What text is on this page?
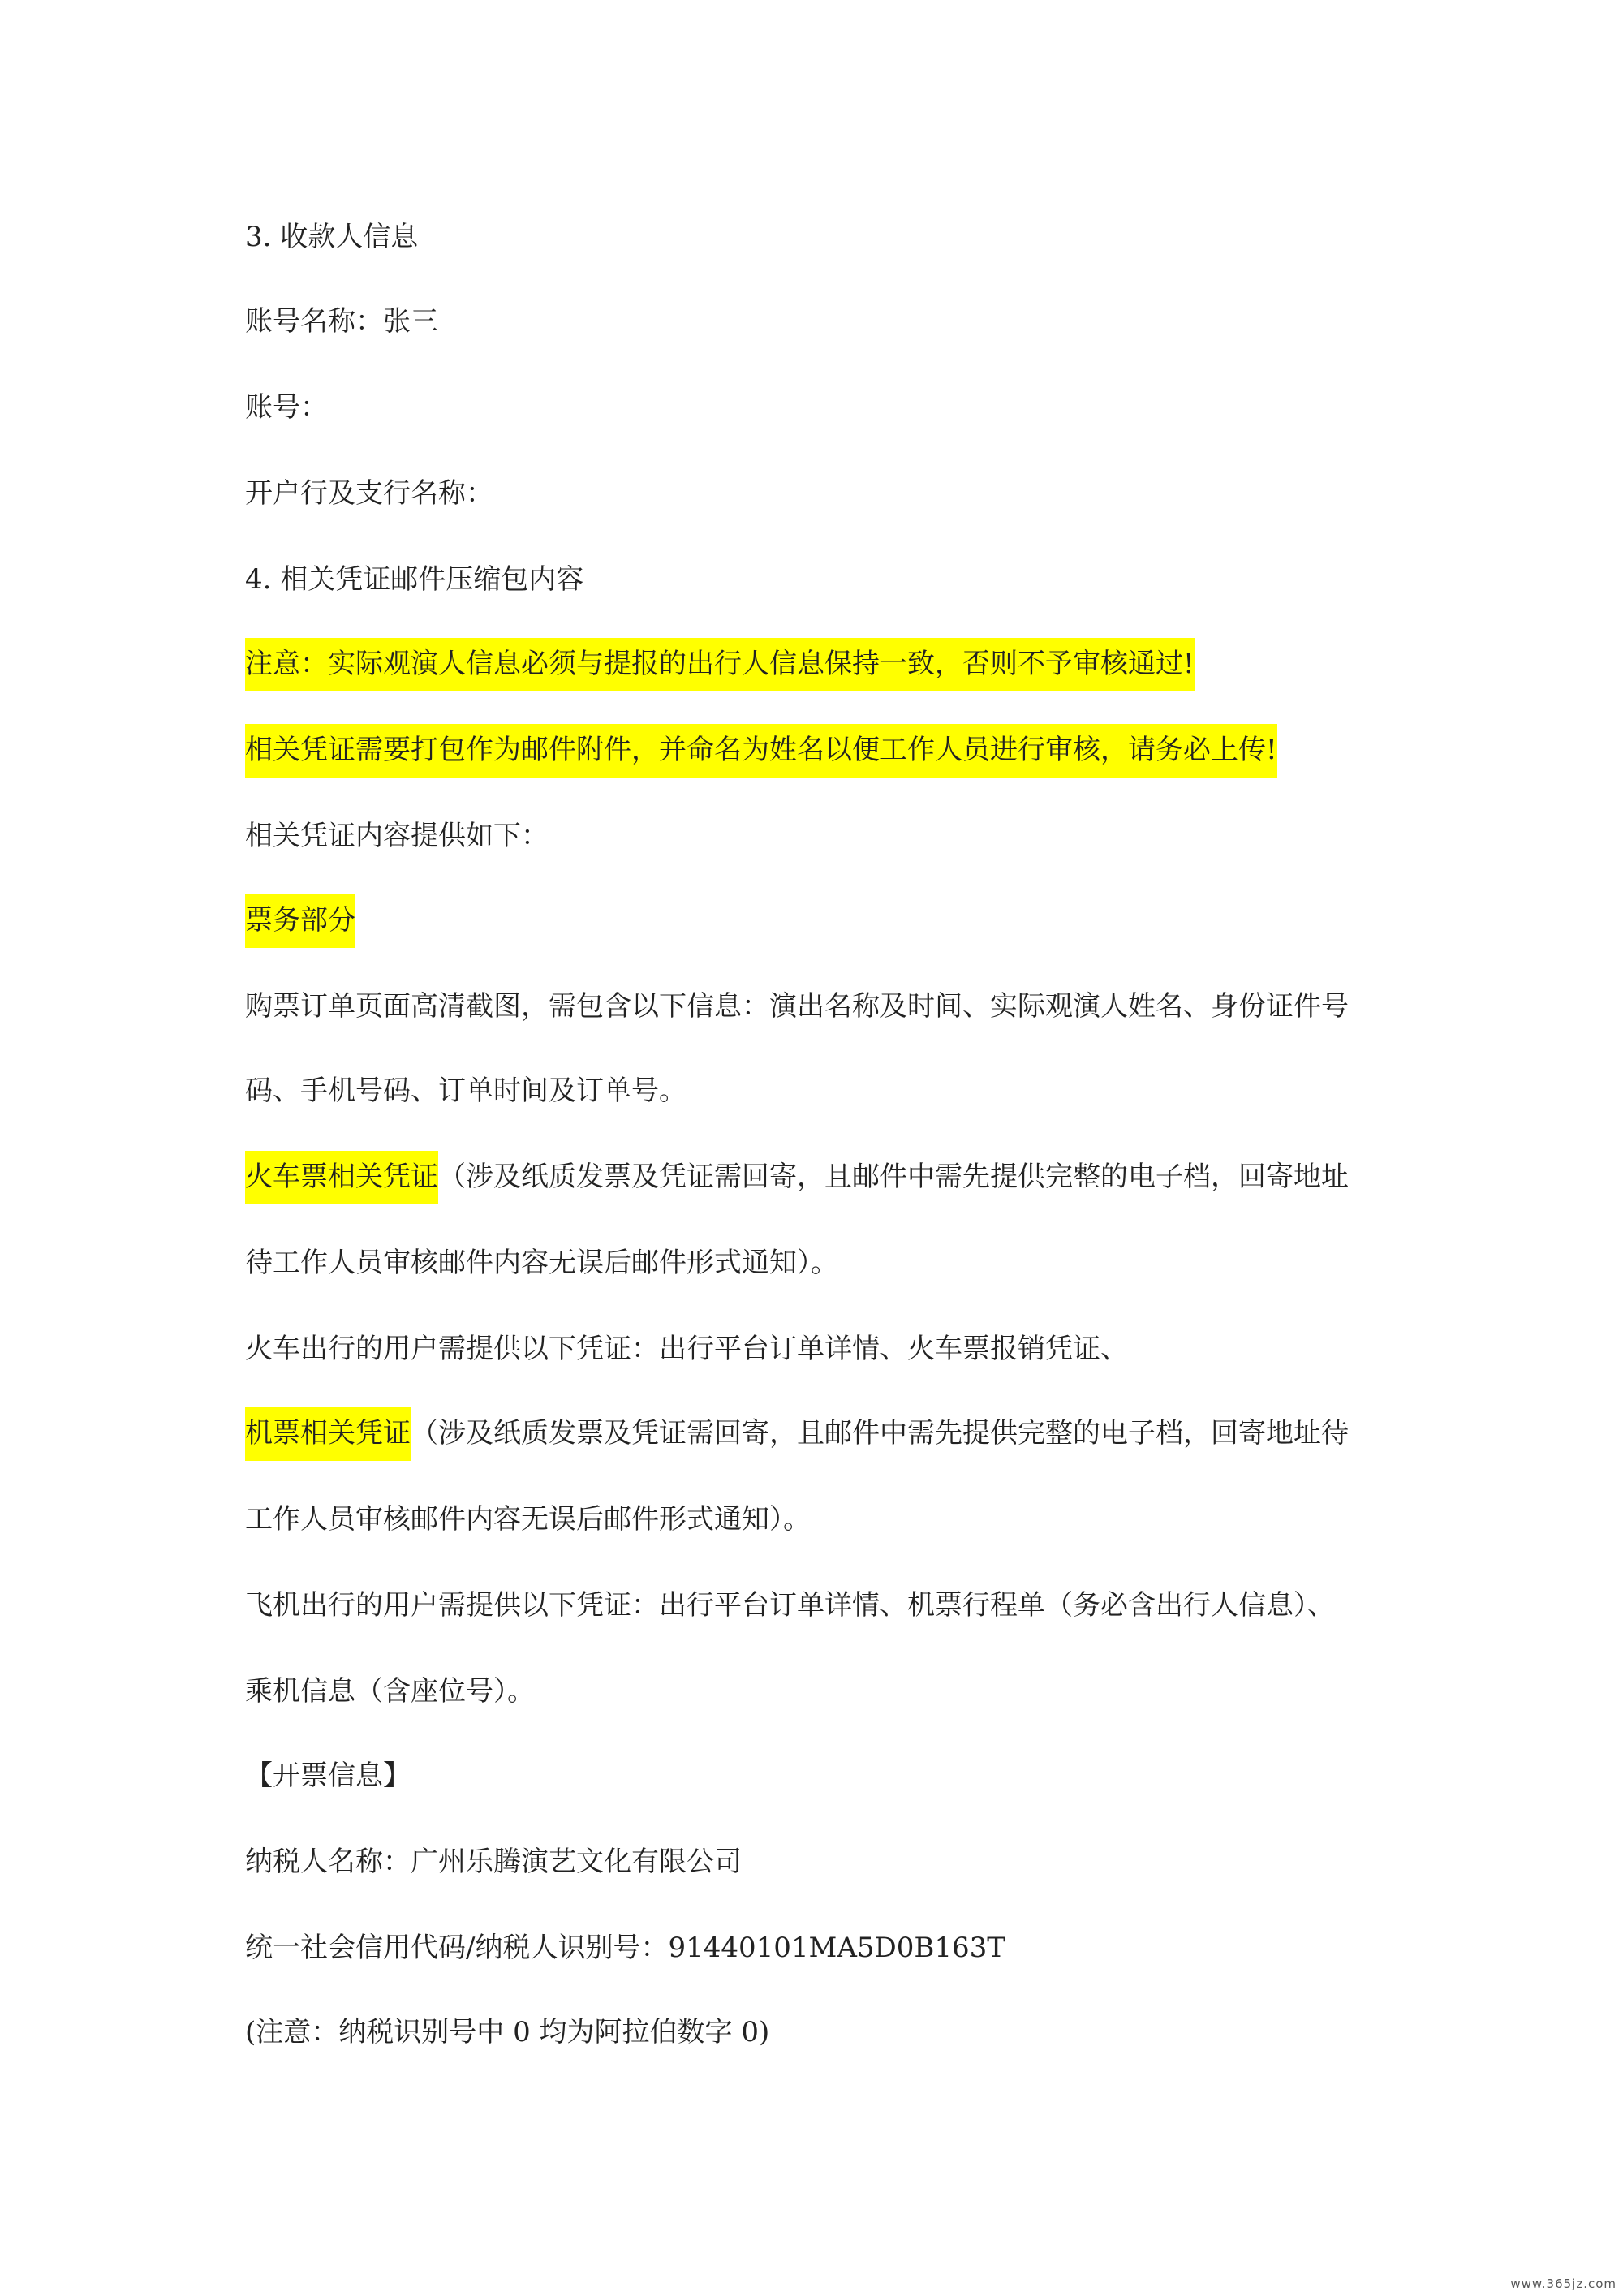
3. 收款人信息
账号名称：张三
账号：
开户行及支行名称：
4. 相关凭证邮件压缩包内容
注意：实际观演人信息必须与提报的出行人信息保持一致，否则不予审核通过!
相关凭证需要打包作为邮件附件，并命名为姓名以便工作人员进行审核，请务必上传!
相关凭证内容提供如下：
票务部分
购票订单页面高清截图，需包含以下信息：演出名称及时间、实际观演人姓名、身份证件号
码、手机号码、订单时间及订单号。
火车票相关凭证（涉及纸质发票及凭证需回寄，且邮件中需先提供完整的电子档，回寄地址
待工作人员审核邮件内容无误后邮件形式通知）。
火车出行的用户需提供以下凭证：出行平台订单详情、火车票报销凭证、
机票相关凭证（涉及纸质发票及凭证需回寄，且邮件中需先提供完整的电子档，回寄地址待
工作人员审核邮件内容无误后邮件形式通知）。
飞机出行的用户需提供以下凭证：出行平台订单详情、机票行程单（务必含出行人信息）、
乘机信息（含座位号）。
【开票信息】
纳税人名称：广州乐腾演艺文化有限公司
统一社会信用代码/纳税人识别号：91440101MA5D0B163T
(注意：纳税识别号中 0 均为阿拉伯数字 0)
www.365jz.com
